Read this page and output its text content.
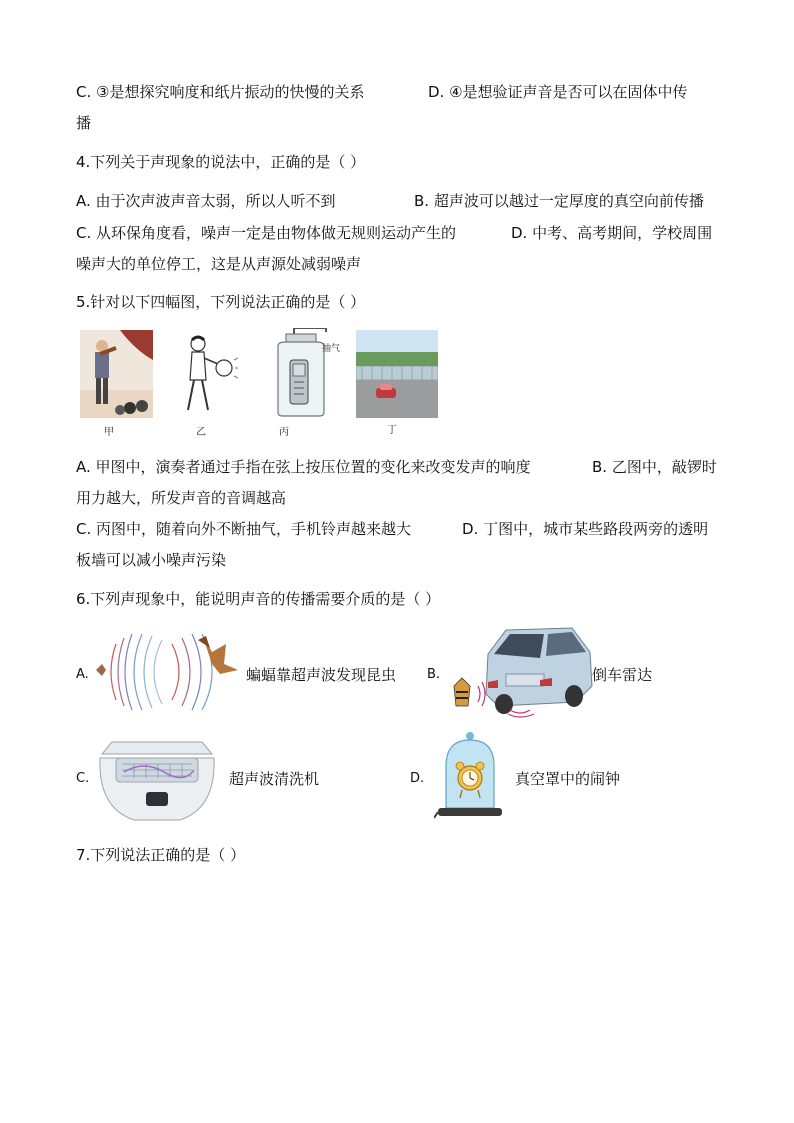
C. ③是想探究响度和纸片振动的快慢的关系	D. ④是想验证声音是否可以在固体中传
播
4.下列关于声现象的说法中，正确的是（ ）
A. 由于次声波声音太弱，所以人听不到	B. 超声波可以越过一定厚度的真空向前传播
C. 从环保角度看，噪声一定是由物体做无规则运动产生的	D. 中考、高考期间，学校周围
噪声大的单位停工，这是从声源处减弱噪声
5.针对以下四幅图，下列说法正确的是（ ）
甲	乙
抽气
丙	丁
A. 甲图中，演奏者通过手指在弦上按压位置的变化来改变发声的响度	B. 乙图中，敲锣时
用力越大，所发声音的音调越高
C. 丙图中，随着向外不断抽气，手机铃声越来越大	D. 丁图中，城市某些路段两旁的透明
板墙可以减小噪声污染
6.下列声现象中，能说明声音的传播需要介质的是（ ）
A.	蝙蝠靠超声波发现昆虫 B.	倒车雷达
C.	超声波清洗机	D.	真空罩中的闹钟
7.下列说法正确的是（ ）
